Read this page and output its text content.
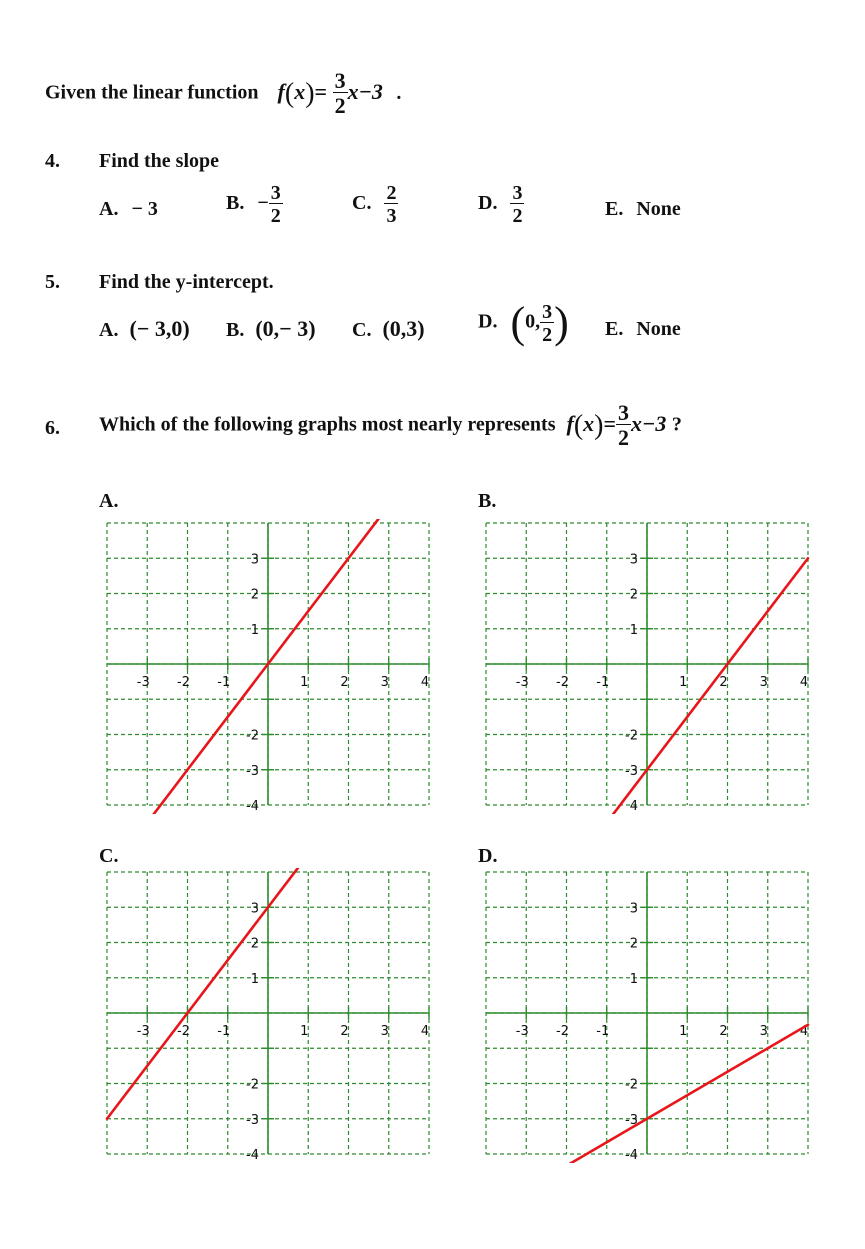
Given the linear function $f(x)= \frac{3}{2} x-3$ .
4. Find the slope
A. − 3	B. − $\frac{3}{2}$	C. $\frac{2}{3}$	D. $\frac{3}{2}$	E. None
5. Find the y-intercept.
A. (− 3,0) B. (0,− 3) C. (0,3)	D. (0, $\frac{3}{2}$ ) E. None
6. Which of the following graphs most nearly represents $f(x)= \frac{3}{2} x-3$ ?
A.	B.
C.	D.
-3 -2 -1	1 2 3 4
3
2
1
-2
-3
-4
-3 -2 -1	1 2 3 4
3
2
1
-2
-3
4
-3 -2 -1	1 2 3 4
3
2
1
-2
-3
-4
-3 -2 -1	1 2 3 4
3
2
1
-2
-3
-4
